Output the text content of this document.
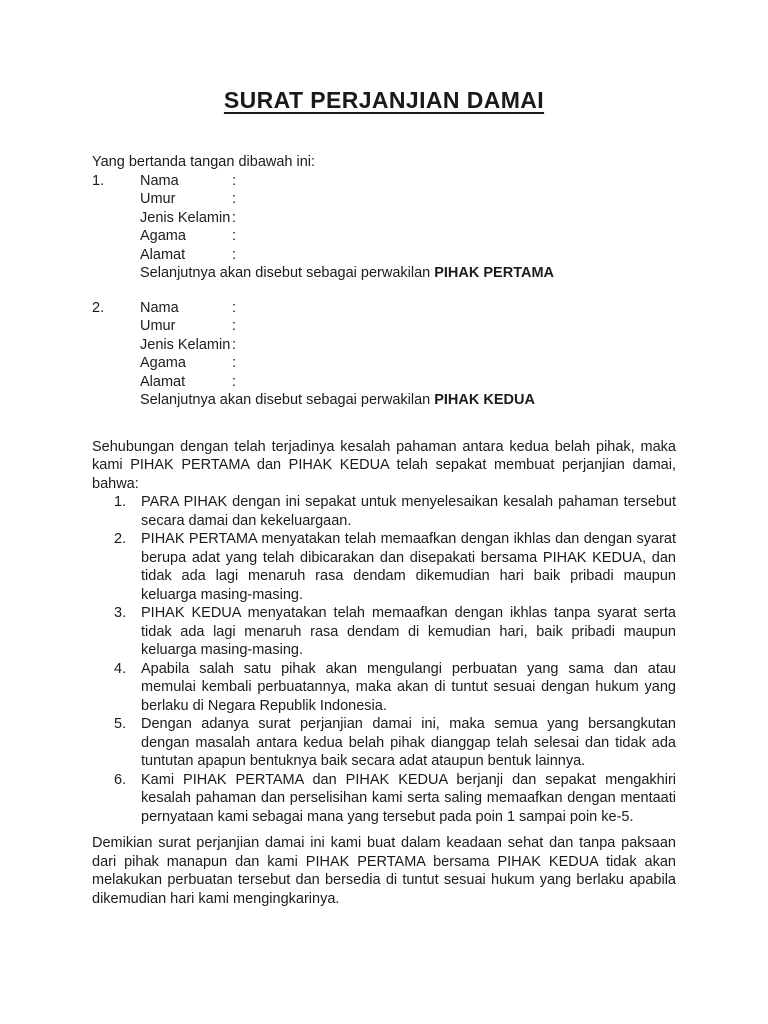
SURAT PERJANJIAN DAMAI

Yang bertanda tangan dibawah ini:

1.	Nama	:
Umur	:
Jenis Kelamin :
Agama	:
Alamat	:
Selanjutnya akan disebut sebagai perwakilan PIHAK PERTAMA
2.	Nama	:
Umur	:
Jenis Kelamin :
Agama	:
Alamat	:
Selanjutnya akan disebut sebagai perwakilan PIHAK KEDUA

Sehubungan dengan telah terjadinya kesalah pahaman antara kedua belah pihak, maka kami PIHAK PERTAMA dan PIHAK KEDUA telah sepakat membuat perjanjian damai, bahwa:

1.	PARA PIHAK dengan ini sepakat untuk menyelesaikan kesalah pahaman tersebut secara damai dan kekeluargaan.
2.	PIHAK PERTAMA menyatakan telah memaafkan dengan ikhlas dan dengan syarat berupa adat yang telah dibicarakan dan disepakati bersama PIHAK KEDUA, dan tidak ada lagi menaruh rasa dendam dikemudian hari baik pribadi maupun keluarga masing-masing.
3.	PIHAK KEDUA menyatakan telah memaafkan dengan ikhlas tanpa syarat serta tidak ada lagi menaruh rasa dendam di kemudian hari, baik pribadi maupun keluarga masing-masing.
4.	Apabila salah satu pihak akan mengulangi perbuatan yang sama dan atau memulai kembali perbuatannya, maka akan di tuntut sesuai dengan hukum yang berlaku di Negara Republik Indonesia.
5.	Dengan adanya surat perjanjian damai ini, maka semua yang bersangkutan dengan masalah antara kedua belah pihak dianggap telah selesai dan tidak ada tuntutan apapun bentuknya baik secara adat ataupun bentuk lainnya.
6.	Kami PIHAK PERTAMA dan PIHAK KEDUA berjanji dan sepakat mengakhiri kesalah pahaman dan perselisihan kami serta saling memaafkan dengan mentaati pernyataan kami sebagai mana yang tersebut pada poin 1 sampai poin ke-5.

Demikian surat perjanjian damai ini kami buat dalam keadaan sehat dan tanpa paksaan dari pihak manapun dan kami PIHAK PERTAMA bersama PIHAK KEDUA tidak akan melakukan perbuatan tersebut dan bersedia di tuntut sesuai hukum yang berlaku apabila dikemudian hari kami mengingkarinya.
